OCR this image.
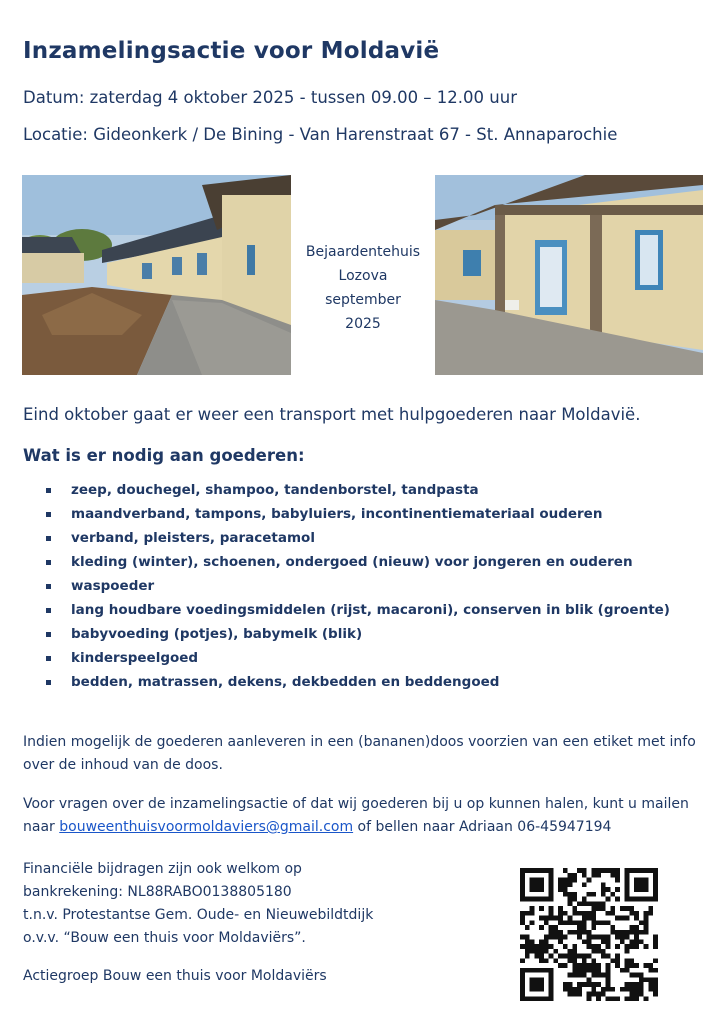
Inzamelingsactie voor Moldavië
Datum: zaterdag 4 oktober 2025 - tussen 09.00 – 12.00 uur
Locatie: Gideonkerk / De Bining - Van Harenstraat 67 - St. Annaparochie
Bejaardentehuis
Lozova
september
2025
Eind oktober gaat er weer een transport met hulpgoederen naar Moldavië.
Wat is er nodig aan goederen:
zeep, douchegel, shampoo, tandenborstel, tandpasta
maandverband, tampons, babyluiers, incontinentiemateriaal ouderen
verband, pleisters, paracetamol
kleding (winter), schoenen, ondergoed (nieuw) voor jongeren en ouderen
waspoeder
lang houdbare voedingsmiddelen (rijst, macaroni), conserven in blik (groente)
babyvoeding (potjes), babymelk (blik)
kinderspeelgoed
bedden, matrassen, dekens, dekbedden en beddengoed

Indien mogelijk de goederen aanleveren in een (bananen)doos voorzien van een etiket met info over de inhoud van de doos.

Voor vragen over de inzamelingsactie of dat wij goederen bij u op kunnen halen, kunt u mailen naar bouweenthuisvoormoldaviers@gmail.com of bellen naar Adriaan 06-45947194

Financiële bijdragen zijn ook welkom op
bankrekening: NL88RABO0138805180
t.n.v. Protestantse Gem. Oude- en Nieuwebildtdijk
o.v.v. “Bouw een thuis voor Moldaviërs”.
Actiegroep Bouw een thuis voor Moldaviërs
